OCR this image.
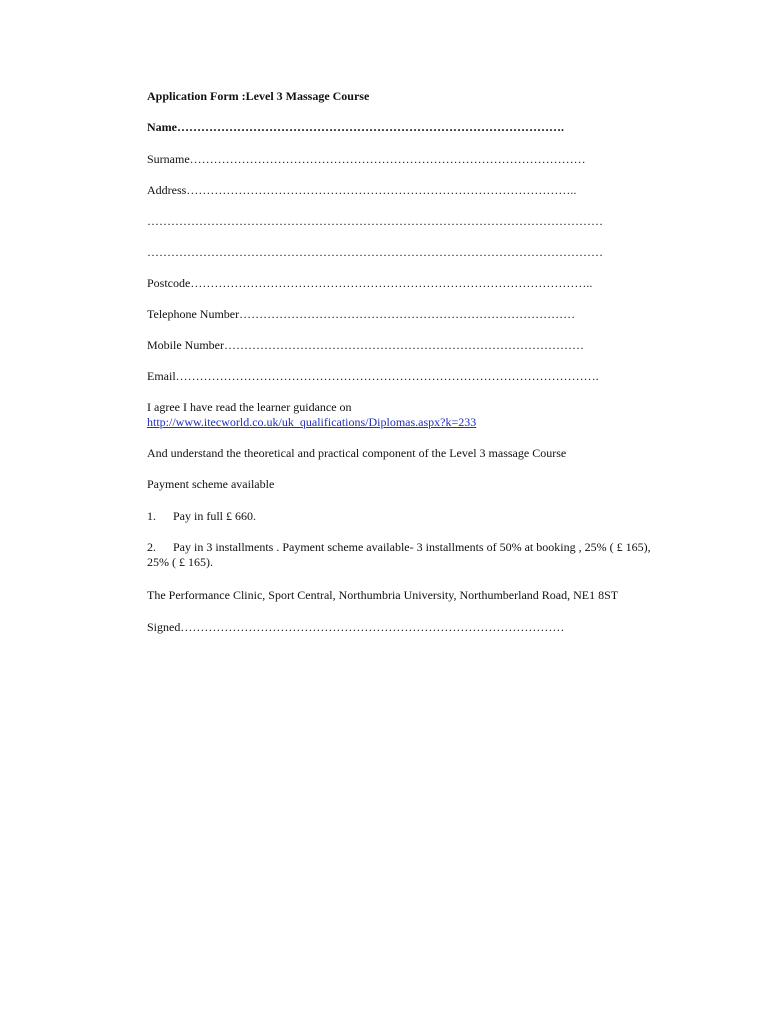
Application Form :Level 3 Massage Course
Name…………………………………………………………………………………….
Surname………………………………………………………………………………………
Address……………………………………………………………………………………..
……………………………………………………………………………………………………
……………………………………………………………………………………………………
Postcode………………………………………………………………………………………..
Telephone Number…………………………………………………………………………
Mobile Number………………………………………………………………………………
Email…………………………………………………………………………………………….
I agree I have read the learner guidance on
http://www.itecworld.co.uk/uk_qualifications/Diplomas.aspx?k=233
And understand the theoretical and practical component of the Level 3 massage Course
Payment scheme available
1. Pay in full £ 660.
2. Pay in 3 installments . Payment scheme available- 3 installments of 50% at booking , 25% ( £ 165), 25% ( £ 165).
The Performance Clinic, Sport Central, Northumbria University, Northumberland Road, NE1 8ST
Signed……………………………………………………………………………………
